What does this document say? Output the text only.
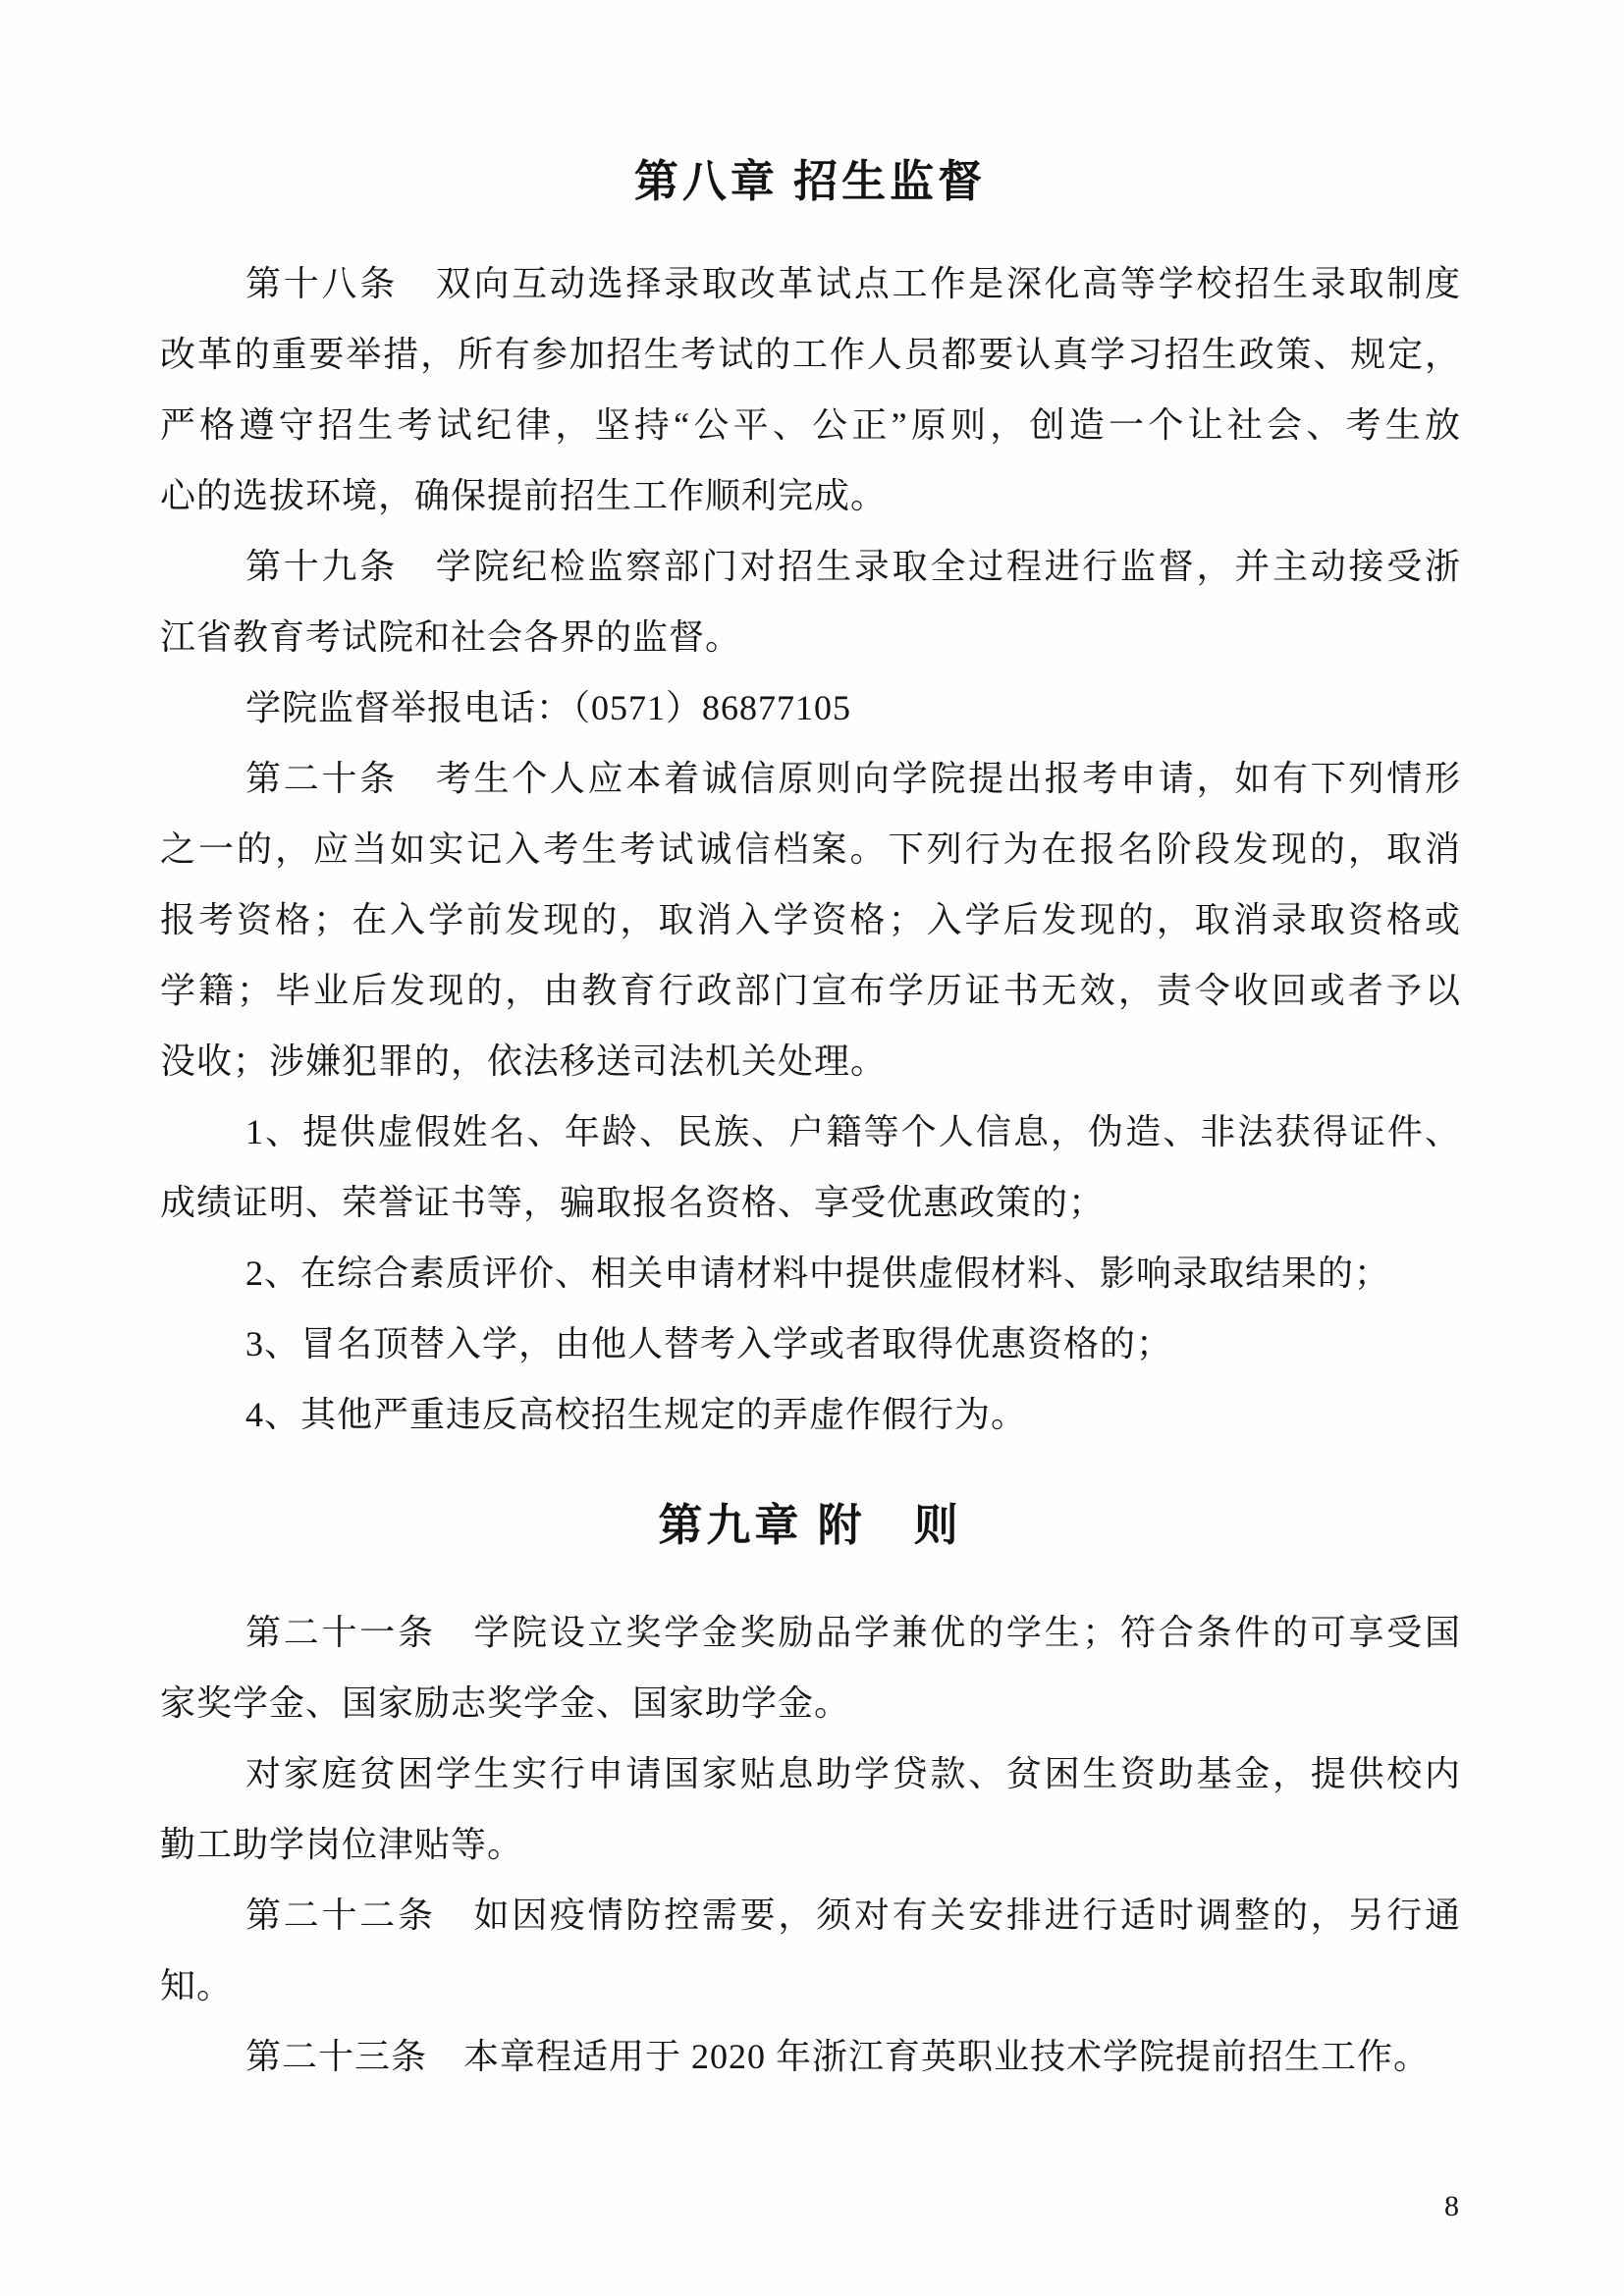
第八章 招生监督
第十八条　双向互动选择录取改革试点工作是深化高等学校招生录取制度
改革的重要举措，所有参加招生考试的工作人员都要认真学习招生政策、规定，
严格遵守招生考试纪律，坚持“公平、公正”原则，创造一个让社会、考生放
心的选拔环境，确保提前招生工作顺利完成。
第十九条　学院纪检监察部门对招生录取全过程进行监督，并主动接受浙
江省教育考试院和社会各界的监督。
学院监督举报电话：（0571）86877105
第二十条　考生个人应本着诚信原则向学院提出报考申请，如有下列情形
之一的，应当如实记入考生考试诚信档案。下列行为在报名阶段发现的，取消
报考资格；在入学前发现的，取消入学资格；入学后发现的，取消录取资格或
学籍；毕业后发现的，由教育行政部门宣布学历证书无效，责令收回或者予以
没收；涉嫌犯罪的，依法移送司法机关处理。
1、提供虚假姓名、年龄、民族、户籍等个人信息，伪造、非法获得证件、
成绩证明、荣誉证书等，骗取报名资格、享受优惠政策的；
2、在综合素质评价、相关申请材料中提供虚假材料、影响录取结果的；
3、冒名顶替入学，由他人替考入学或者取得优惠资格的；
4、其他严重违反高校招生规定的弄虚作假行为。
第九章 附　则
第二十一条　学院设立奖学金奖励品学兼优的学生；符合条件的可享受国
家奖学金、国家励志奖学金、国家助学金。
对家庭贫困学生实行申请国家贴息助学贷款、贫困生资助基金，提供校内
勤工助学岗位津贴等。
第二十二条　如因疫情防控需要，须对有关安排进行适时调整的，另行通
知。
第二十三条　本章程适用于 2020 年浙江育英职业技术学院提前招生工作。
8
